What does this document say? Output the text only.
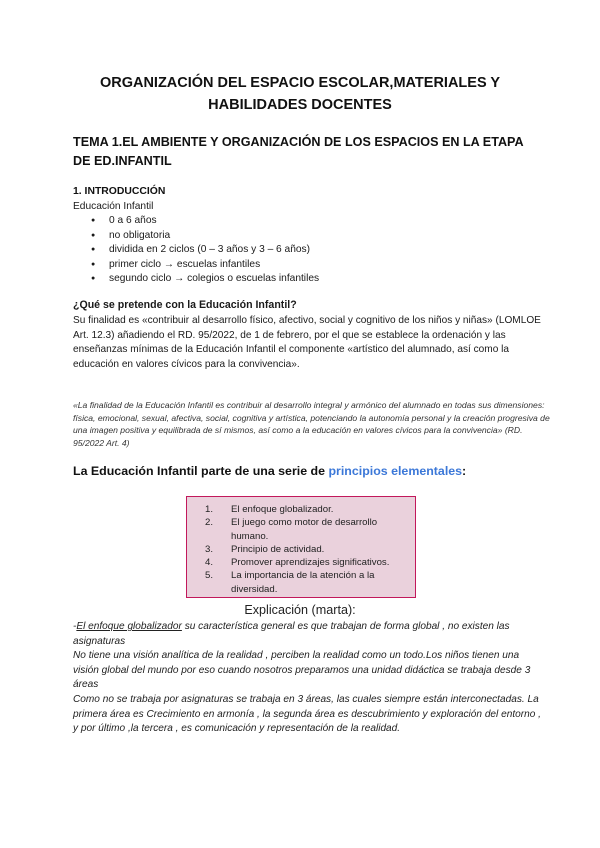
ORGANIZACIÓN DEL ESPACIO ESCOLAR,MATERIALES Y
HABILIDADES DOCENTES
TEMA 1.EL AMBIENTE Y ORGANIZACIÓN DE LOS ESPACIOS EN LA ETAPA DE ED.INFANTIL
1. INTRODUCCIÓN
Educación Infantil
● 0 a 6 años
● no obligatoria
● dividida en 2 ciclos (0 – 3 años y 3 – 6 años)
● primer ciclo → escuelas infantiles
● segundo ciclo → colegios o escuelas infantiles
¿Qué se pretende con la Educación Infantil?
Su finalidad es «contribuir al desarrollo físico, afectivo, social y cognitivo de los niños y niñas» (LOMLOE Art. 12.3) añadiendo el RD. 95/2022, de 1 de febrero, por el que se establece la ordenación y las enseñanzas mínimas de la Educación Infantil el componente «artístico del alumnado, así como la educación en valores cívicos para la convivencia».
«La finalidad de la Educación Infantil es contribuir al desarrollo integral y armónico del alumnado en todas sus dimensiones: física, emocional, sexual, afectiva, social, cognitiva y artística, potenciando la autonomía personal y la creación progresiva de una imagen positiva y equilibrada de sí mismos, así como a la educación en valores cívicos para la convivencia» (RD. 95/2022 Art. 4)
La Educación Infantil parte de una serie de principios elementales:
1. El enfoque globalizador.
2. El juego como motor de desarrollo humano.
3. Principio de actividad.
4. Promover aprendizajes significativos.
5. La importancia de la atención a la diversidad.
Explicación (marta):
-El enfoque globalizador su característica general es que trabajan de forma global , no existen las asignaturas
No tiene una visión analítica de la realidad , perciben la realidad como un todo.Los niños tienen una visión global del mundo por eso cuando nosotros preparamos una unidad didáctica se trabaja desde 3 áreas
Como no se trabaja por asignaturas se trabaja en 3 áreas, las cuales siempre están interconectadas. La primera área es Crecimiento en armonía , la segunda área es descubrimiento y exploración del entorno , y por último ,la tercera , es comunicación y representación de la realidad.
